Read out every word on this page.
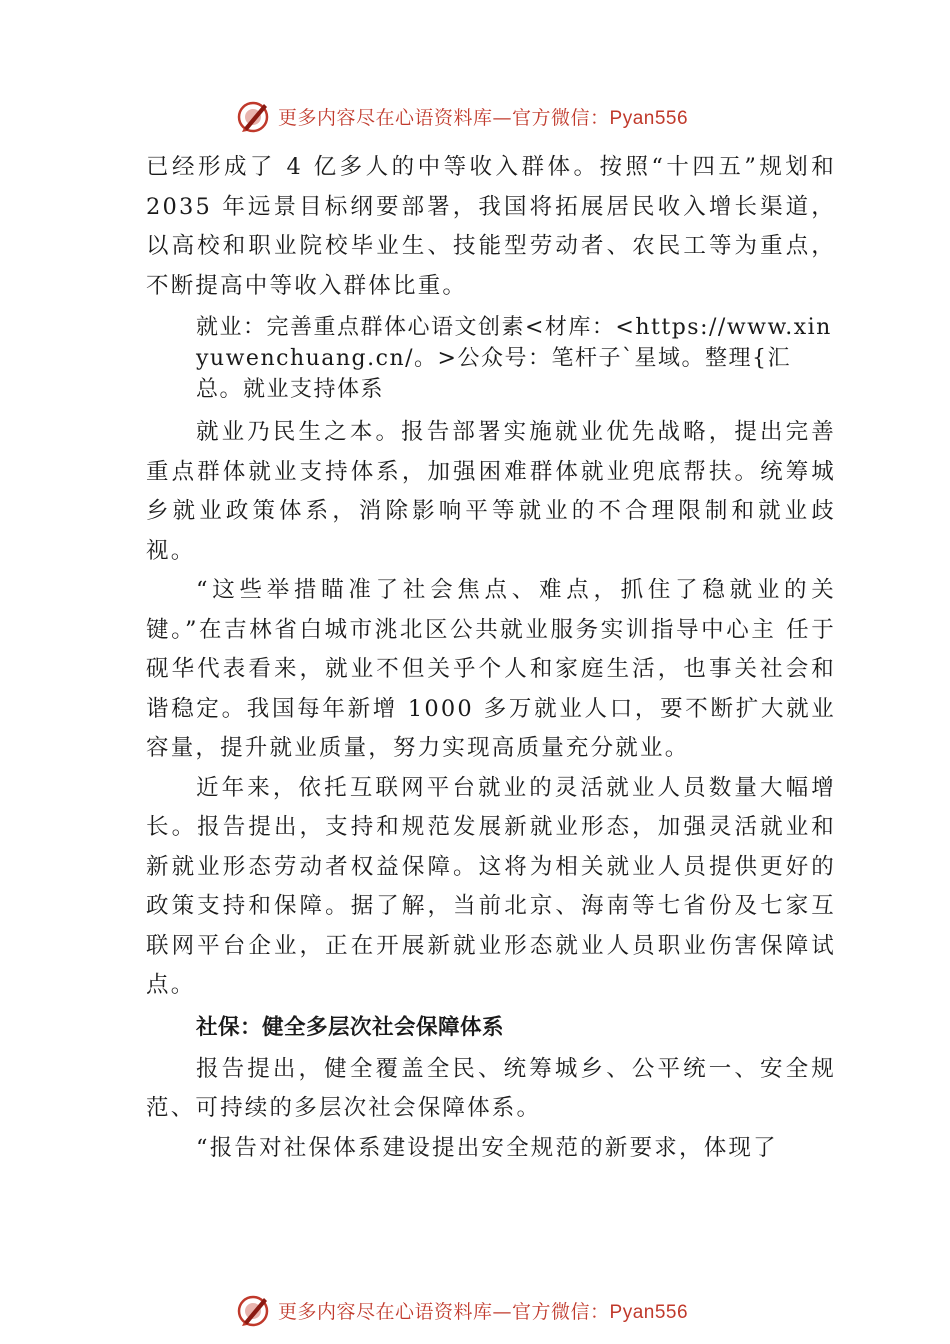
更多内容尽在心语资料库—官方微信：Pyan556

已经形成了 4 亿多人的中等收入群体。按照“十四五”规划和 2035 年远景目标纲要部署，我国将拓展居民收入增长渠道，以高校和职业院校毕业生、技能型劳动者、农民工等为重点，不断提高中等收入群体比重。

就业：完善重点群体心语文创素<材库：<https://www.xinyuwenchuang.cn/。>公众号：笔杆子`星域。整理{汇总。就业支持体系

就业乃民生之本。报告部署实施就业优先战略，提出完善重点群体就业支持体系，加强困难群体就业兜底帮扶。统筹城乡就业政策体系，消除影响平等就业的不合理限制和就业歧视。

“这些举措瞄准了社会焦点、难点，抓住了稳就业的关键。”在吉林省白城市洮北区公共就业服务实训指导中心主 任于砚华代表看来，就业不但关乎个人和家庭生活，也事关社会和谐稳定。我国每年新增 1000 多万就业人口，要不断扩大就业容量，提升就业质量，努力实现高质量充分就业。

近年来，依托互联网平台就业的灵活就业人员数量大幅增长。报告提出，支持和规范发展新就业形态，加强灵活就业和新就业形态劳动者权益保障。这将为相关就业人员提供更好的政策支持和保障。据了解，当前北京、海南等七省份及七家互联网平台企业，正在开展新就业形态就业人员职业伤害保障试点。

社保：健全多层次社会保障体系

报告提出，健全覆盖全民、统筹城乡、公平统一、安全规范、可持续的多层次社会保障体系。

“报告对社保体系建设提出安全规范的新要求，体现了

更多内容尽在心语资料库—官方微信：Pyan556
